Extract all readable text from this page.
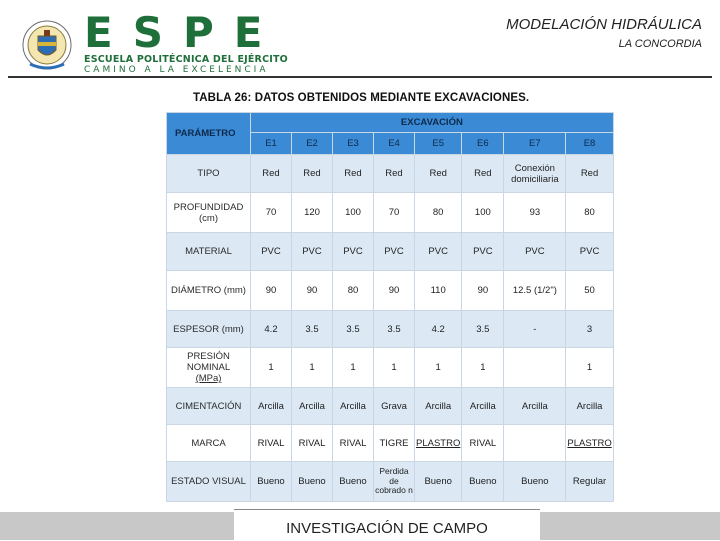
ESPE
ESCUELA POLITÉCNICA DEL EJÉRCITO
CAMINO A LA EXCELENCIA
MODELACIÓN HIDRÁULICA
LA CONCORDIA
TABLA 26: DATOS OBTENIDOS MEDIANTE EXCAVACIONES.
PARÁMETRO	EXCAVACIÓN							
	E1	E2	E3	E4	E5	E6	E7	E8
TIPO	Red	Red	Red	Red	Red	Red	Conexión domiciliaria	Red
PROFUNDIDAD (cm)	70	120	100	70	80	100	93	80
MATERIAL	PVC	PVC	PVC	PVC	PVC	PVC	PVC	PVC
DIÁMETRO (mm)	90	90	80	90	110	90	12.5 (1/2")	50
ESPESOR (mm)	4.2	3.5	3.5	3.5	4.2	3.5	-	3

PRESIÓN
NOMINAL
(MPa)	1	1	1	1	1	1		1
CIMENTACIÓN	Arcilla	Arcilla	Arcilla	Grava	Arcilla	Arcilla	Arcilla	Arcilla
MARCA	RIVAL	RIVAL	RIVAL	TIGRE	PLASTRO	RIVAL		PLASTRO
ESTADO VISUAL	Bueno	Bueno	Bueno	Perdida de cobrado n	Bueno	Bueno	Bueno	Regular
INVESTIGACIÓN DE CAMPO
